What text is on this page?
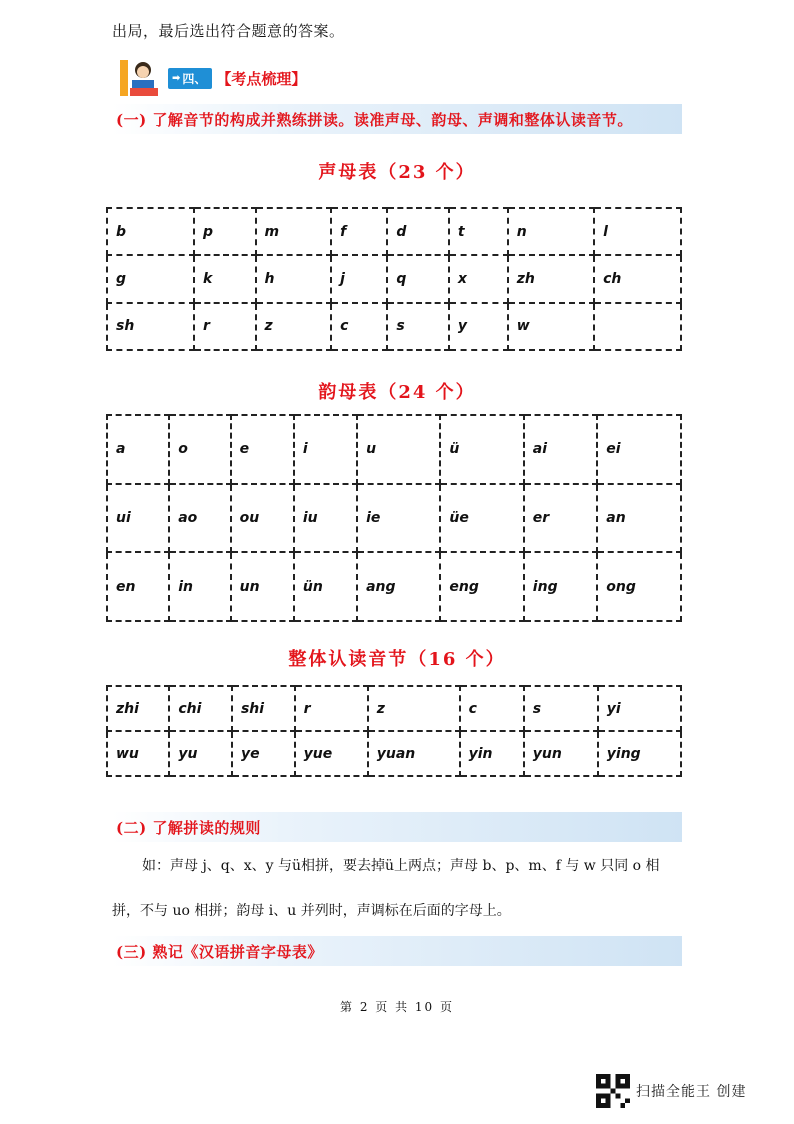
出局，最后选出符合题意的答案。
➡ 四、 【考点梳理】
(一) 了解音节的构成并熟练拼读。读准声母、韵母、声调和整体认读音节。
声母表（23 个）
b	p	m	f	d	t	n	l
g	k	h	j	q	x	zh	ch
sh	r	z	c	s	y	w	
韵母表（24 个）
a	o	e	i	u	ü	ai	ei
ui	ao	ou	iu	ie	üe	er	an
en	in	un	ün	ang	eng	ing	ong
整体认读音节（16 个）
zhi	chi	shi	r	z	c	s	yi
wu	yu	ye	yue	yuan	yin	yun	ying
(二) 了解拼读的规则
如：声母 j、q、x、y 与ü相拼，要去掉ü上两点；声母 b、p、m、f 与 w 只同 o 相
拼，不与 uo 相拼；韵母 i、u 并列时，声调标在后面的字母上。
(三) 熟记《汉语拼音字母表》
第 2 页 共 10 页
扫描全能王 创建
